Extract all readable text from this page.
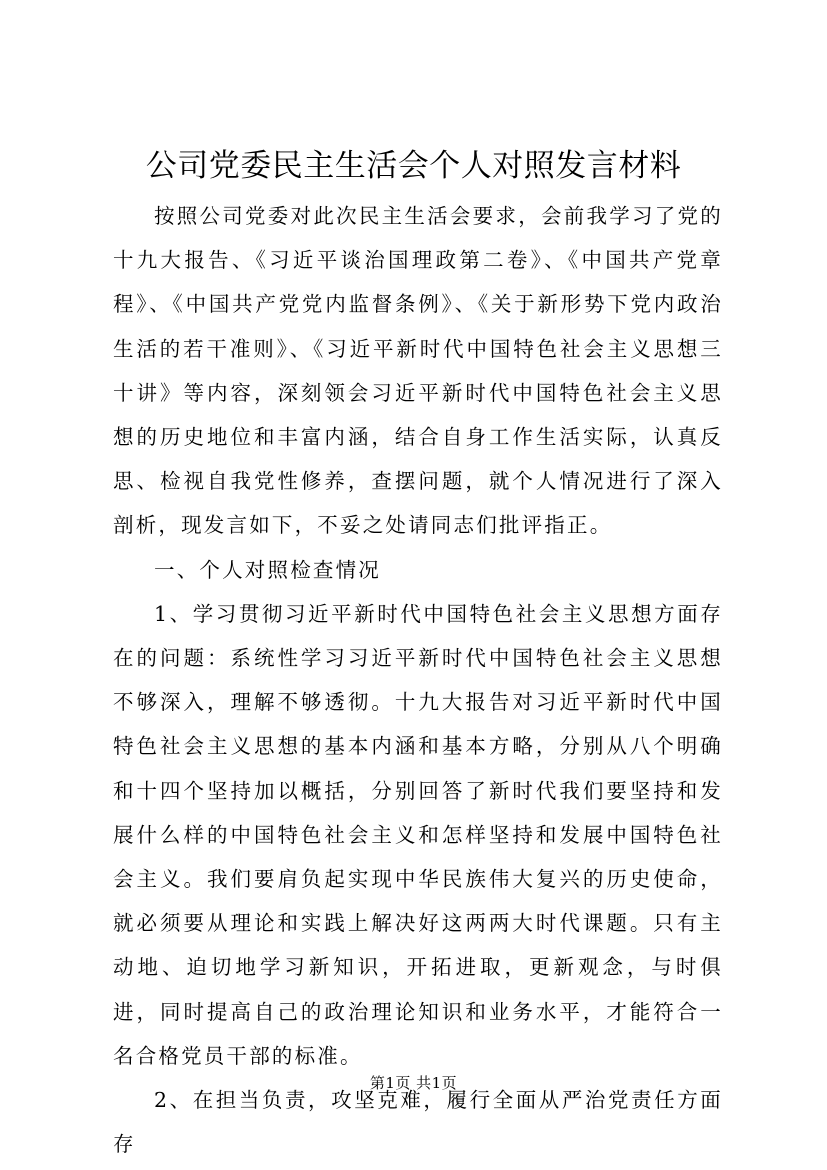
公司党委民主生活会个人对照发言材料

按照公司党委对此次民主生活会要求，会前我学习了党的十九大报告、《习近平谈治国理政第二卷》、《中国共产党章程》、《中国共产党党内监督条例》、《关于新形势下党内政治生活的若干准则》、《习近平新时代中国特色社会主义思想三十讲》等内容，深刻领会习近平新时代中国特色社会主义思想的历史地位和丰富内涵，结合自身工作生活实际，认真反思、检视自我党性修养，查摆问题，就个人情况进行了深入剖析，现发言如下，不妥之处请同志们批评指正。

一、个人对照检查情况

1、学习贯彻习近平新时代中国特色社会主义思想方面存在的问题：系统性学习习近平新时代中国特色社会主义思想不够深入，理解不够透彻。十九大报告对习近平新时代中国特色社会主义思想的基本内涵和基本方略，分别从八个明确和十四个坚持加以概括，分别回答了新时代我们要坚持和发展什么样的中国特色社会主义和怎样坚持和发展中国特色社会主义。我们要肩负起实现中华民族伟大复兴的历史使命，就必须要从理论和实践上解决好这两两大时代课题。只有主动地、迫切地学习新知识，开拓进取，更新观念，与时俱进，同时提高自己的政治理论知识和业务水平，才能符合一名合格党员干部的标准。

2、在担当负责，攻坚克难，履行全面从严治党责任方面存

第1页 共1页
